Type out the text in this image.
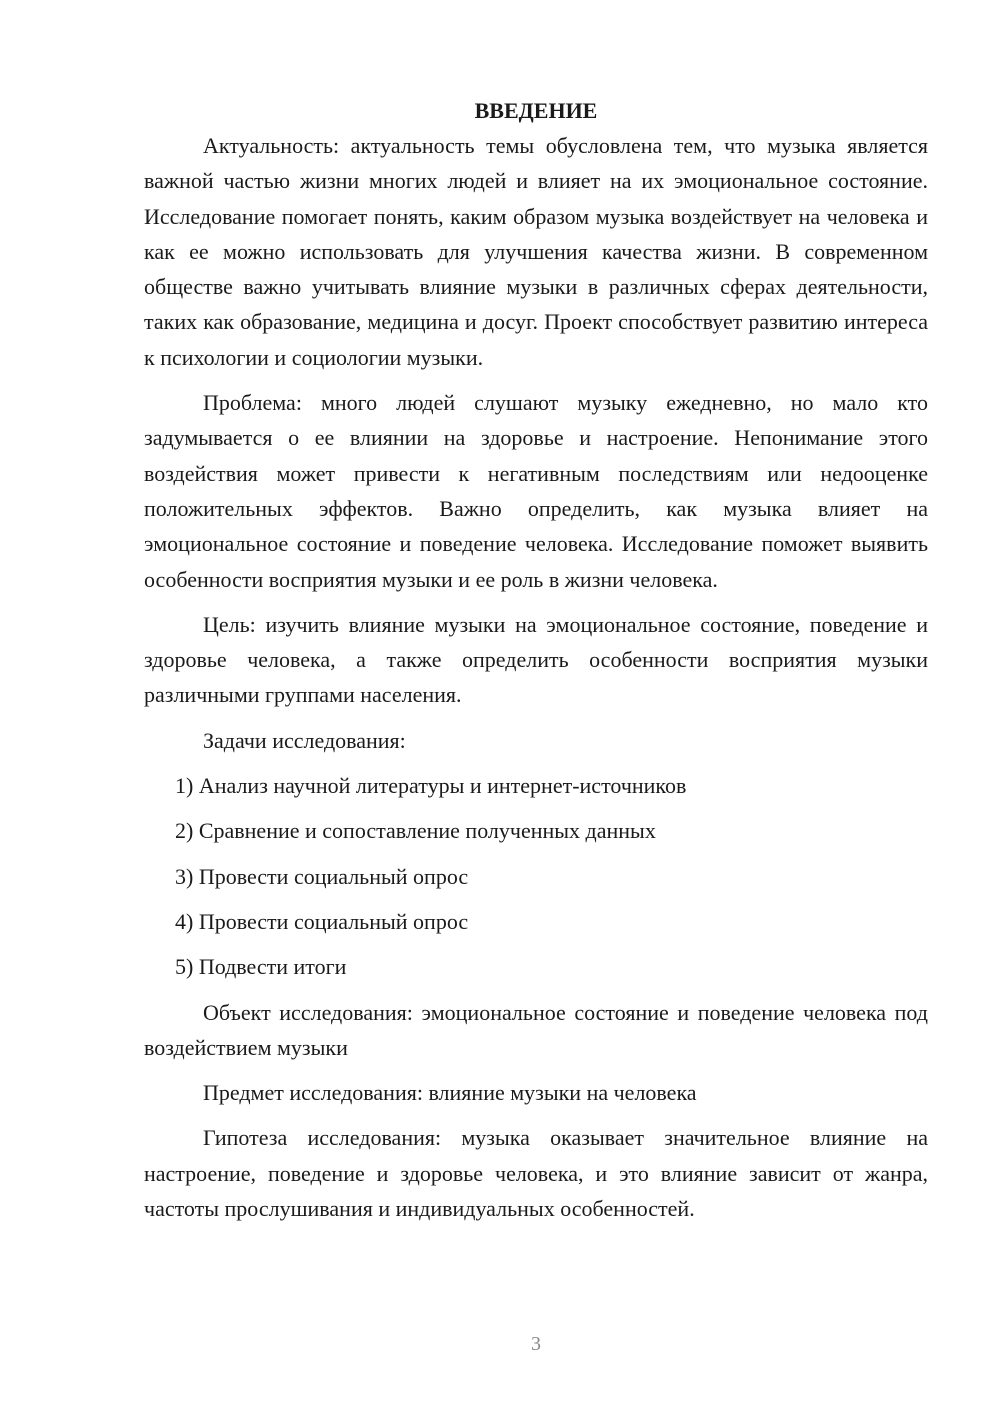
ВВЕДЕНИЕ

Актуальность: актуальность темы обусловлена тем, что музыка является важной частью жизни многих людей и влияет на их эмоциональное состояние. Исследование помогает понять, каким образом музыка воздействует на человека и как ее можно использовать для улучшения качества жизни. В современном обществе важно учитывать влияние музыки в различных сферах деятельности, таких как образование, медицина и досуг. Проект способствует развитию интереса к психологии и социологии музыки.

Проблема: много людей слушают музыку ежедневно, но мало кто задумывается о ее влиянии на здоровье и настроение. Непонимание этого воздействия может привести к негативным последствиям или недооценке положительных эффектов. Важно определить, как музыка влияет на эмоциональное состояние и поведение человека. Исследование поможет выявить особенности восприятия музыки и ее роль в жизни человека.

Цель: изучить влияние музыки на эмоциональное состояние, поведение и здоровье человека, а также определить особенности восприятия музыки различными группами населения.

Задачи исследования:

1) Анализ научной литературы и интернет-источников
2) Сравнение и сопоставление полученных данных
3) Провести социальный опрос
4) Провести социальный опрос
5) Подвести итоги

Объект исследования: эмоциональное состояние и поведение человека под воздействием музыки

Предмет исследования: влияние музыки на человека

Гипотеза исследования: музыка оказывает значительное влияние на настроение, поведение и здоровье человека, и это влияние зависит от жанра, частоты прослушивания и индивидуальных особенностей.

3
